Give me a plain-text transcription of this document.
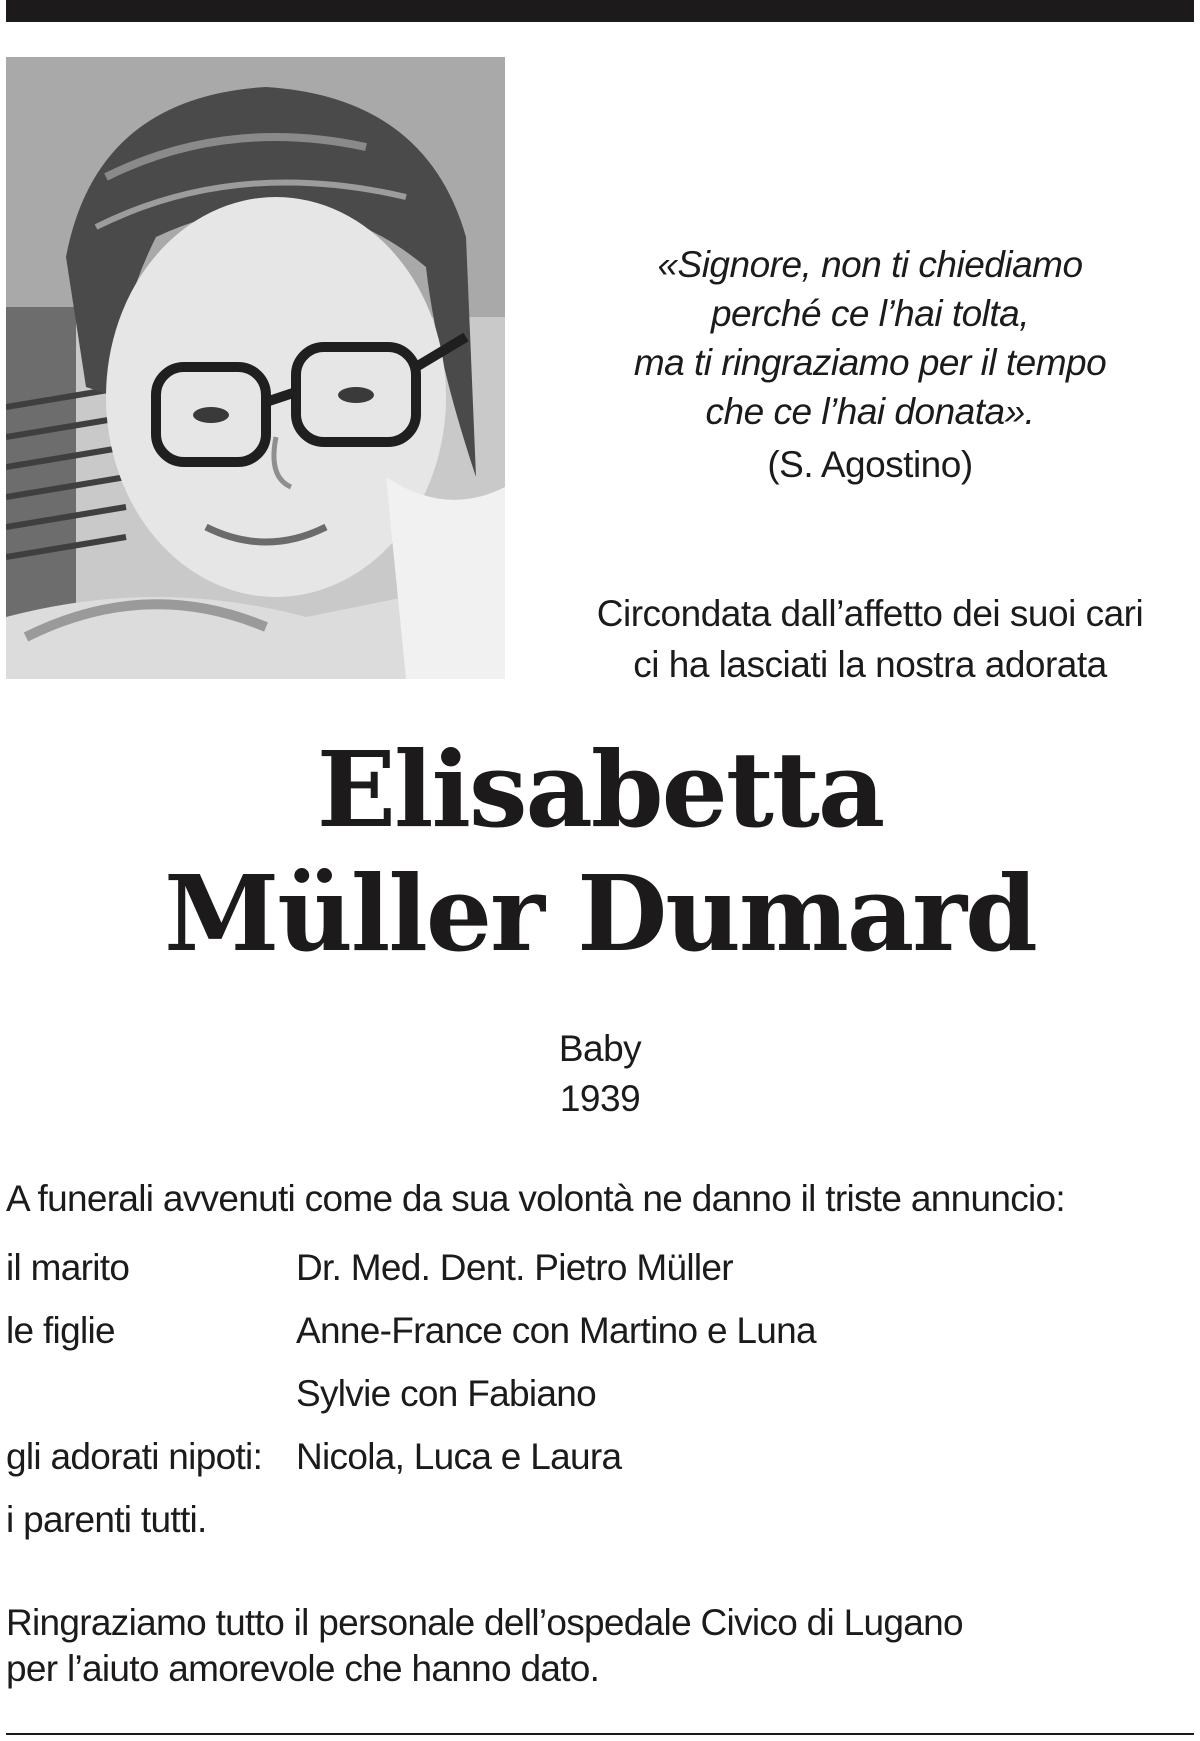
«Signore, non ti chiediamo
perché ce l’hai tolta,
ma ti ringraziamo per il tempo
che ce l’hai donata».
(S. Agostino)
Circondata dall’affetto dei suoi cari
ci ha lasciati la nostra adorata
Elisabetta
Müller Dumard
Baby
1939
A funerali avvenuti come da sua volontà ne danno il triste annuncio:
il marito	Dr. Med. Dent. Pietro Müller
le figlie	Anne-France con Martino e Luna
Sylvie con Fabiano
gli adorati nipoti: Nicola, Luca e Laura
i parenti tutti.
Ringraziamo tutto il personale dell’ospedale Civico di Lugano
per l’aiuto amorevole che hanno dato.
